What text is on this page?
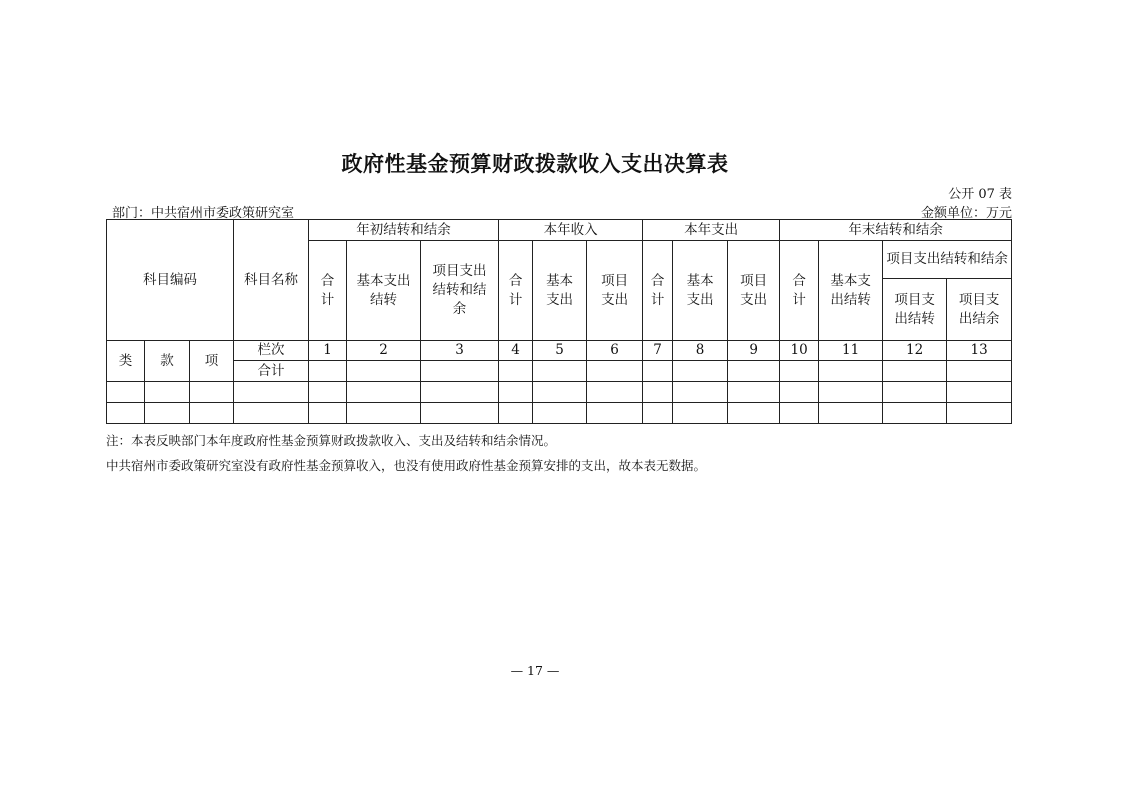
政府性基金预算财政拨款收入支出决算表
公开 07 表
部门：中共宿州市委政策研究室	金额单位：万元
科目编码			科目名称	年初结转和结余			本年收入			本年支出			年末结转和结余			

				合计	基本支出结转	项目支出结转和结余	合计	基本支出	项目支出	合计	基本支出	项目支出	合计	基本支出结转	项目支出结转和结余	

															项目支出结转	项目支出结余

类	款	项	栏次	1	2	3	4	5	6	7	8	9	10	11	12	13
			合计													

注：本表反映部门本年度政府性基金预算财政拨款收入、支出及结转和结余情况。
中共宿州市委政策研究室没有政府性基金预算收入，也没有使用政府性基金预算安排的支出，故本表无数据。
— 17 —
